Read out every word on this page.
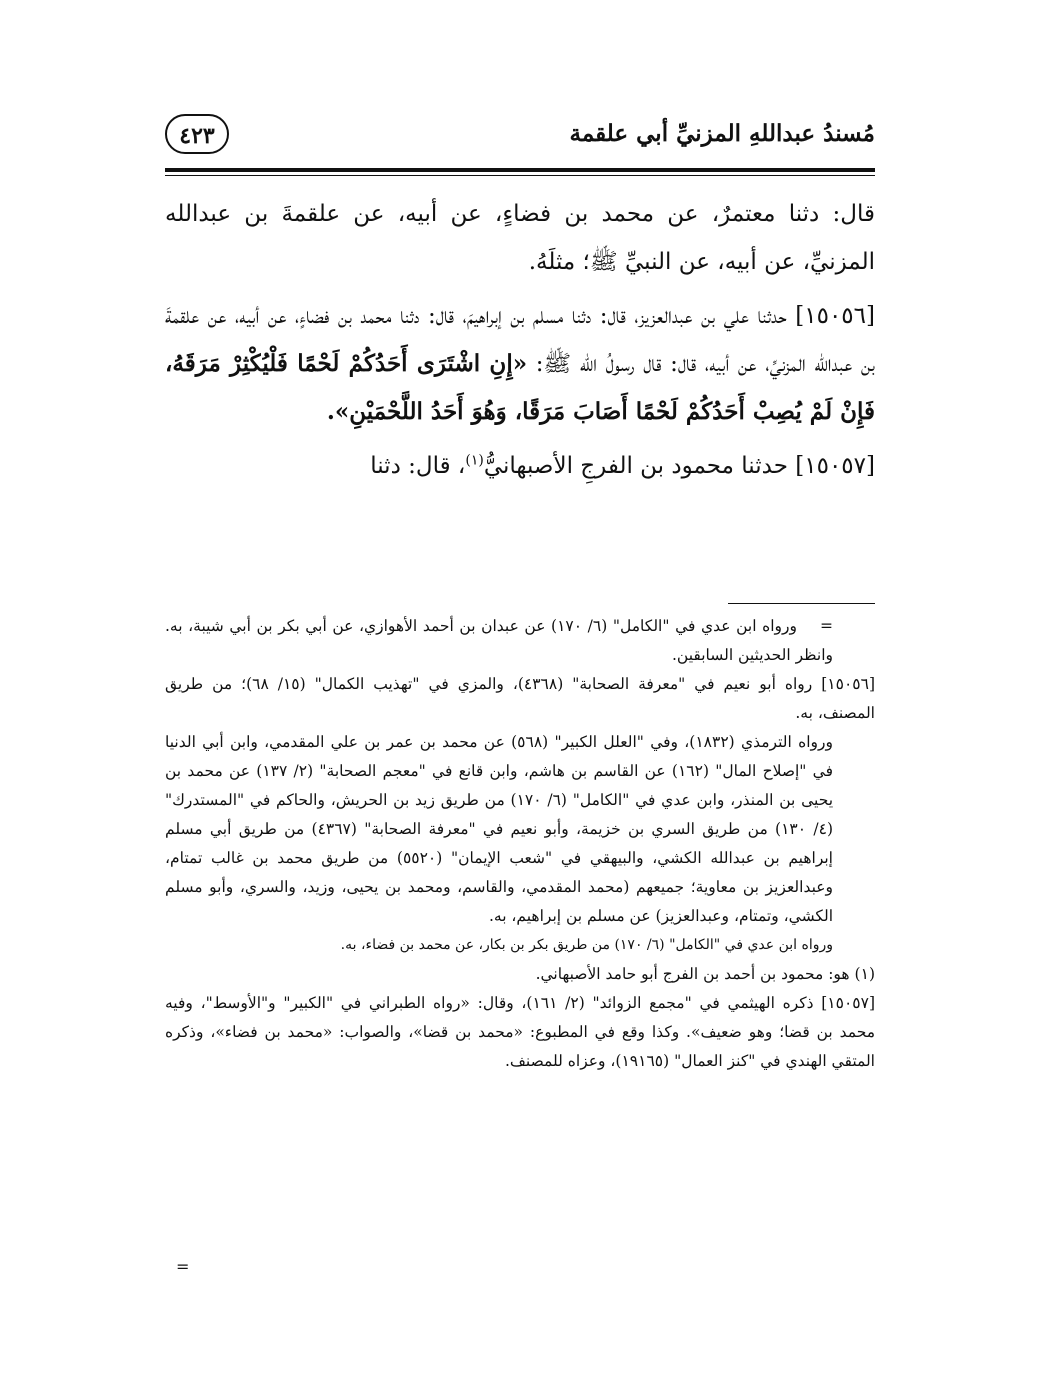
مُسندُ عبداللهِ المزنيِّ أبي علقمة
٤٢٣

قال: دثنا معتمرٌ، عن محمد بن فضاءٍ، عن أبيه، عن علقمةَ بن عبدالله المزنيِّ، عن أبيه، عن النبيِّ ﷺ؛ مثلَهُ.

[١٥٠٥٦] حدثنا علي بن عبدالعزيز، قال: دثنا مسلم بن إبراهيمَ، قال: دثنا محمد بن فضاءٍ، عن أبيه، عن علقمةَ بن عبدالله المزنيِّ، عن أبيه، قال: قال رسولُ الله ﷺ: «إِنِ اشْتَرَى أَحَدُكُمْ لَحْمًا فَلْيُكْثِرْ مَرَقَهُ، فَإِنْ لَمْ يُصِبْ أَحَدُكُمْ لَحْمًا أَصَابَ مَرَقًا، وَهُوَ أَحَدُ اللَّحْمَيْنِ».

[١٥٠٥٧] حدثنا محمود بن الفرجِ الأصبهانيُّ$^{(١)}$، قال: دثنا

=ورواه ابن عدي في "الكامل" (٦/ ١٧٠) عن عبدان بن أحمد الأهوازي، عن أبي بكر بن أبي شيبة، به. وانظر الحديثين السابقين.

[١٥٠٥٦] رواه أبو نعيم في "معرفة الصحابة" (٤٣٦٨)، والمزي في "تهذيب الكمال" (١٥/ ٦٨)؛ من طريق المصنف، به.

ورواه الترمذي (١٨٣٢)، وفي "العلل الكبير" (٥٦٨) عن محمد بن عمر بن علي المقدمي، وابن أبي الدنيا في "إصلاح المال" (١٦٢) عن القاسم بن هاشم، وابن قانع في "معجم الصحابة" (٢/ ١٣٧) عن محمد بن يحيى بن المنذر، وابن عدي في "الكامل" (٦/ ١٧٠) من طريق زيد بن الحريش، والحاكم في "المستدرك" (٤/ ١٣٠) من طريق السري بن خزيمة، وأبو نعيم في "معرفة الصحابة" (٤٣٦٧) من طريق أبي مسلم إبراهيم بن عبدالله الكشي، والبيهقي في "شعب الإيمان" (٥٥٢٠) من طريق محمد بن غالب تمتام، وعبدالعزيز بن معاوية؛ جميعهم (محمد المقدمي، والقاسم، ومحمد بن يحيى، وزيد، والسري، وأبو مسلم الكشي، وتمتام، وعبدالعزيز) عن مسلم بن إبراهيم، به.

ورواه ابن عدي في "الكامل" (٦/ ١٧٠) من طريق بكر بن بكار، عن محمد بن فضاء، به.

(١) هو: محمود بن أحمد بن الفرج أبو حامد الأصبهاني.

[١٥٠٥٧] ذكره الهيثمي في "مجمع الزوائد" (٢/ ١٦١)، وقال: «رواه الطبراني في "الكبير" و"الأوسط"، وفيه محمد بن قضا؛ وهو ضعيف». وكذا وقع في المطبوع: «محمد بن قضا»، والصواب: «محمد بن فضاء»، وذكره المتقي الهندي في "كنز العمال" (١٩١٦٥)، وعزاه للمصنف.

=
